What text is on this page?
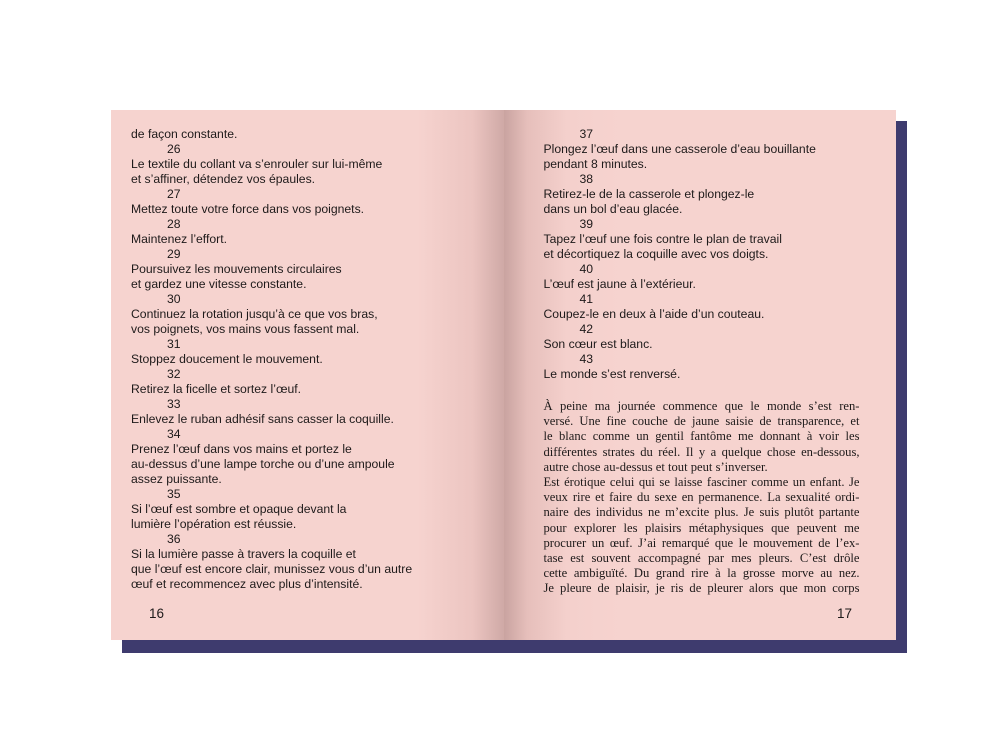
de façon constante.
26
Le textile du collant va s’enrouler sur lui-même
et s’affiner, détendez vos épaules.
27
Mettez toute votre force dans vos poignets.
28
Maintenez l’effort.
29
Poursuivez les mouvements circulaires
et gardez une vitesse constante.
30
Continuez la rotation jusqu’à ce que vos bras,
vos poignets, vos mains vous fassent mal.
31
Stoppez doucement le mouvement.
32
Retirez la ficelle et sortez l’œuf.
33
Enlevez le ruban adhésif sans casser la coquille.
34
Prenez l’œuf dans vos mains et portez le
au-dessus d’une lampe torche ou d’une ampoule
assez puissante.
35
Si l’œuf est sombre et opaque devant la
lumière l’opération est réussie.
36
Si la lumière passe à travers la coquille et
que l’œuf est encore clair, munissez vous d’un autre
œuf et recommencez avec plus d’intensité.
16
37
Plongez l’œuf dans une casserole d’eau bouillante
pendant 8 minutes.
38
Retirez-le de la casserole et plongez-le
dans un bol d’eau glacée.
39
Tapez l’œuf une fois contre le plan de travail
et décortiquez la coquille avec vos doigts.
40
L’œuf est jaune à l’extérieur.
41
Coupez-le en deux à l’aide d’un couteau.
42
Son cœur est blanc.
43
Le monde s’est renversé.
À peine ma journée commence que le monde s’est ren-
versé. Une fine couche de jaune saisie de transparence, et
le blanc comme un gentil fantôme me donnant à voir les
différentes strates du réel. Il y a quelque chose en-dessous,
autre chose au-dessus et tout peut s’inverser.
Est érotique celui qui se laisse fasciner comme un enfant. Je
veux rire et faire du sexe en permanence. La sexualité ordi-
naire des individus ne m’excite plus. Je suis plutôt partante
pour explorer les plaisirs métaphysiques que peuvent me
procurer un œuf. J’ai remarqué que le mouvement de l’ex-
tase est souvent accompagné par mes pleurs. C’est drôle
cette ambiguïté. Du grand rire à la grosse morve au nez.
Je pleure de plaisir, je ris de pleurer alors que mon corps
17
